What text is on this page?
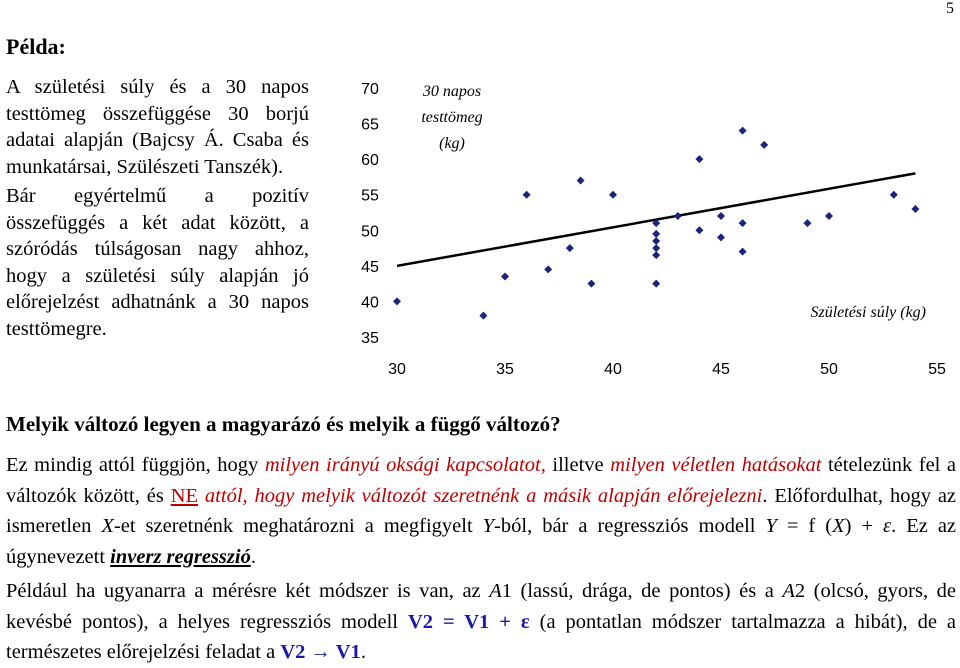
5
Példa:

A születési súly és a 30 napos testtömeg összefüggése 30 borjú adatai alapján (Bajcsy Á. Csaba és munkatársai, Szülészeti Tanszék).

Bár egyértelmű a pozitív összefüggés a két adat között, a szóródás túlságosan nagy ahhoz, hogy a születési súly alapján jó előrejelzést adhatnánk a 30 napos testtömegre.

70
65
60
55
50
45
40
35
30	35	40	45	50	55
30 napos
testtömeg
(kg)
Születési súly (kg)
Melyik változó legyen a magyarázó és melyik a függő változó?

Ez mindig attól függjön, hogy milyen irányú oksági kapcsolatot, illetve milyen véletlen hatásokat tételezünk fel a változók között, és NE attól, hogy melyik változót szeretnénk a másik alapján előrejelezni. Előfordulhat, hogy az ismeretlen X-et szeretnénk meghatározni a megfigyelt Y-ból, bár a regressziós modell Y = f (X) + ε. Ez az úgynevezett inverz regresszió.

Például ha ugyanarra a mérésre két módszer is van, az A1 (lassú, drága, de pontos) és a A2 (olcsó, gyors, de kevésbé pontos), a helyes regressziós modell V2 = V1 + ε (a pontatlan módszer tartalmazza a hibát), de a természetes előrejelzési feladat a V2 → V1.
